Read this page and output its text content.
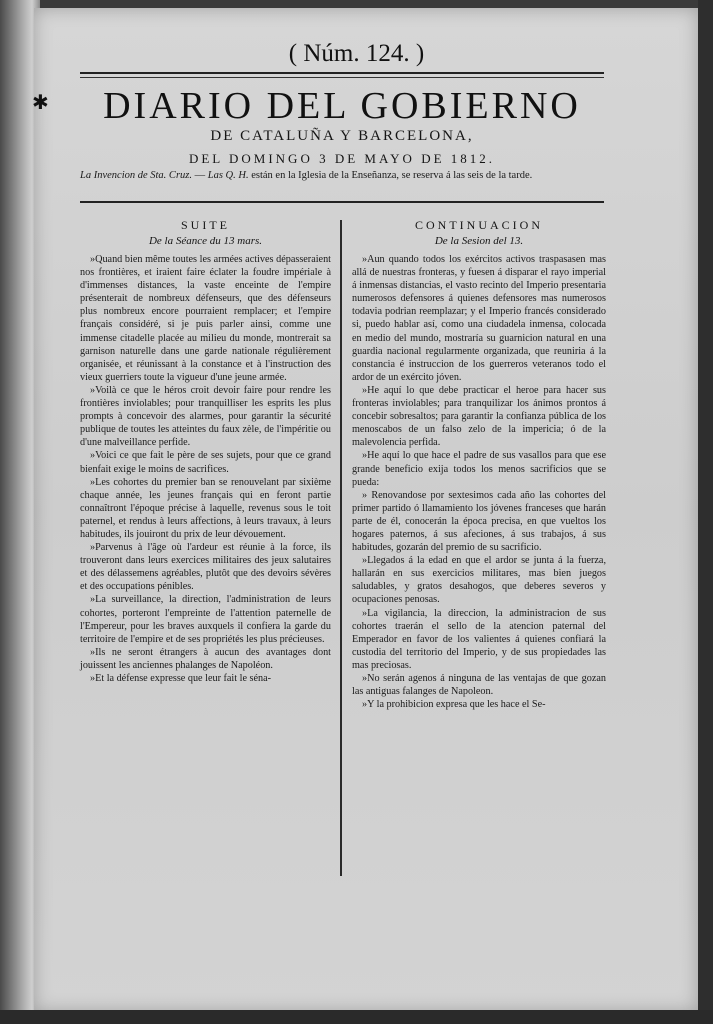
✱
( Núm. 124. )
DIARIO DEL GOBIERNO
DE CATALUÑA Y BARCELONA,
DEL DOMINGO 3 DE MAYO DE 1812.
La Invencion de Sta. Cruz. — Las Q. H. están en la Iglesia de la Enseñanza, se reserva á las seis de la tarde.

SUITE

De la Séance du 13 mars.

»Quand bien même toutes les armées actives dépasseraient nos frontières, et iraient faire éclater la foudre impériale à d'immenses distances, la vaste enceinte de l'empire présenterait de nombreux défenseurs, que des défenseurs plus nombreux encore pourraient remplacer; et l'empire français considéré, si je puis parler ainsi, comme une immense citadelle placée au milieu du monde, montrerait sa garnison naturelle dans une garde nationale régulièrement organisée, et réunissant à la constance et à l'instruction des vieux guerriers toute la vigueur d'une jeune armée.

»Voilà ce que le héros croit devoir faire pour rendre les frontières inviolables; pour tranquilliser les esprits les plus prompts à concevoir des alarmes, pour garantir la sécurité publique de toutes les atteintes du faux zèle, de l'impéritie ou d'une malveillance perfide.

»Voici ce que fait le père de ses sujets, pour que ce grand bienfait exige le moins de sacrifices.

»Les cohortes du premier ban se renouvelant par sixième chaque année, les jeunes français qui en feront partie connaîtront l'époque précise à laquelle, revenus sous le toit paternel, et rendus à leurs affections, à leurs travaux, à leurs habitudes, ils jouiront du prix de leur dévouement.

»Parvenus à l'âge où l'ardeur est réunie à la force, ils trouveront dans leurs exercices militaires des jeux salutaires et des délassemens agréables, plutôt que des devoirs sévères et des occupations pénibles.

»La surveillance, la direction, l'administration de leurs cohortes, porteront l'empreinte de l'attention paternelle de l'Empereur, pour les braves auxquels il confiera la garde du territoire de l'empire et de ses propriétés les plus précieuses.

»Ils ne seront étrangers à aucun des avantages dont jouissent les anciennes phalanges de Napoléon.

»Et la défense expresse que leur fait le séna-

CONTINUACION

De la Sesion del 13.

»Aun quando todos los exércitos activos traspasasen mas allá de nuestras fronteras, y fuesen á disparar el rayo imperial á inmensas distancias, el vasto recinto del Imperio presentaria numerosos defensores á quienes defensores mas numerosos todavia podrian reemplazar; y el Imperio francés considerado si, puedo hablar así, como una ciudadela inmensa, colocada en medio del mundo, mostraría su guarnicion natural en una guardia nacional regularmente organizada, que reuniria á la constancia é instruccion de los guerreros veteranos todo el ardor de un exército jóven.

»He aquí lo que debe practicar el heroe para hacer sus fronteras inviolables; para tranquilizar los ánimos prontos á concebir sobresaltos; para garantir la confianza pública de los menoscabos de un falso zelo de la impericia; ó de la malevolencia perfida.

»He aquí lo que hace el padre de sus vasallos para que ese grande beneficio exija todos los menos sacrificios que se pueda:

» Renovandose por sextesimos cada año las cohortes del primer partido ó llamamiento los jóvenes franceses que harán parte de él, conocerán la época precisa, en que vueltos los hogares paternos, á sus afeciones, á sus trabajos, á sus habitudes, gozarán del premio de su sacrificio.

»Llegados á la edad en que el ardor se junta á la fuerza, hallarán en sus exercicios militares, mas bien juegos saludables, y gratos desahogos, que deberes severos y ocupaciones penosas.

»La vigilancia, la direccion, la administracion de sus cohortes traerán el sello de la atencion paternal del Emperador en favor de los valientes á quienes confiará la custodia del territorio del Imperio, y de sus propiedades las mas preciosas.

»No serán agenos á ninguna de las ventajas de que gozan las antiguas falanges de Napoleon.

»Y la prohibicion expresa que les hace el Se-
